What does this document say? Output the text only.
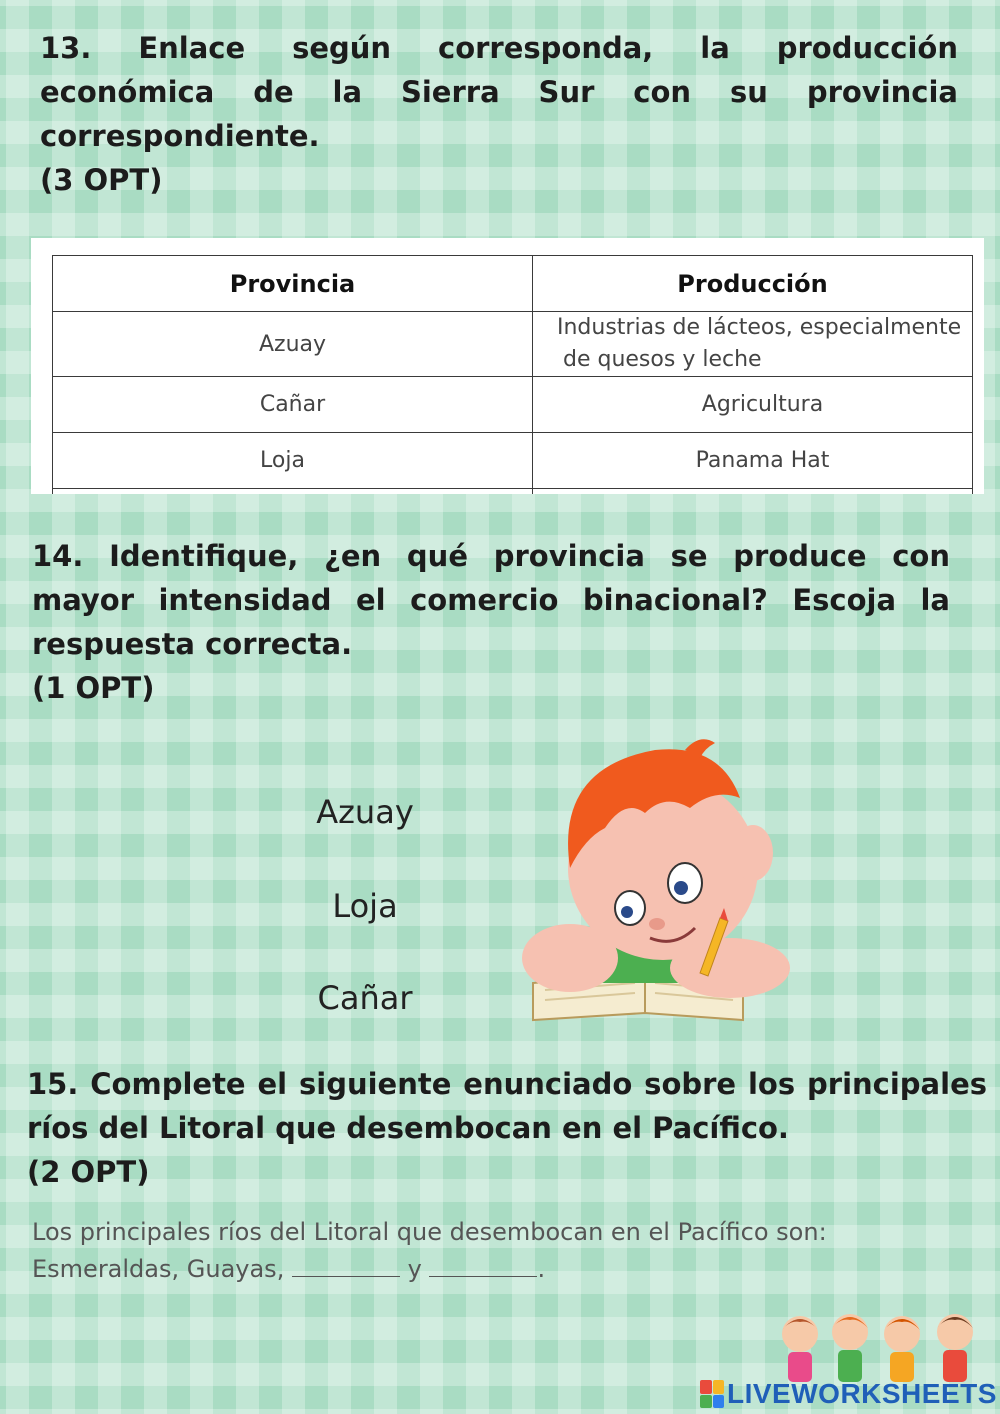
13. Enlace según corresponda, la producción económica de la Sierra Sur con su provincia correspondiente.
(3 OPT)
Provincia	Producción
Azuay	Industrias de lácteos, especialmente
de quesos y leche

Cañar	Agricultura
Loja	Panama Hat

14. Identifique, ¿en qué provincia se produce con mayor intensidad el comercio binacional? Escoja la respuesta correcta.
(1 OPT)
Azuay
Loja
Cañar
15. Complete el siguiente enunciado sobre los principales ríos del Litoral que desembocan en el Pacífico.
(2 OPT)
Los principales ríos del Litoral que desembocan en el Pacífico son:
Esmeraldas, Guayas,	y	.
LIVEWORKSHEETS
